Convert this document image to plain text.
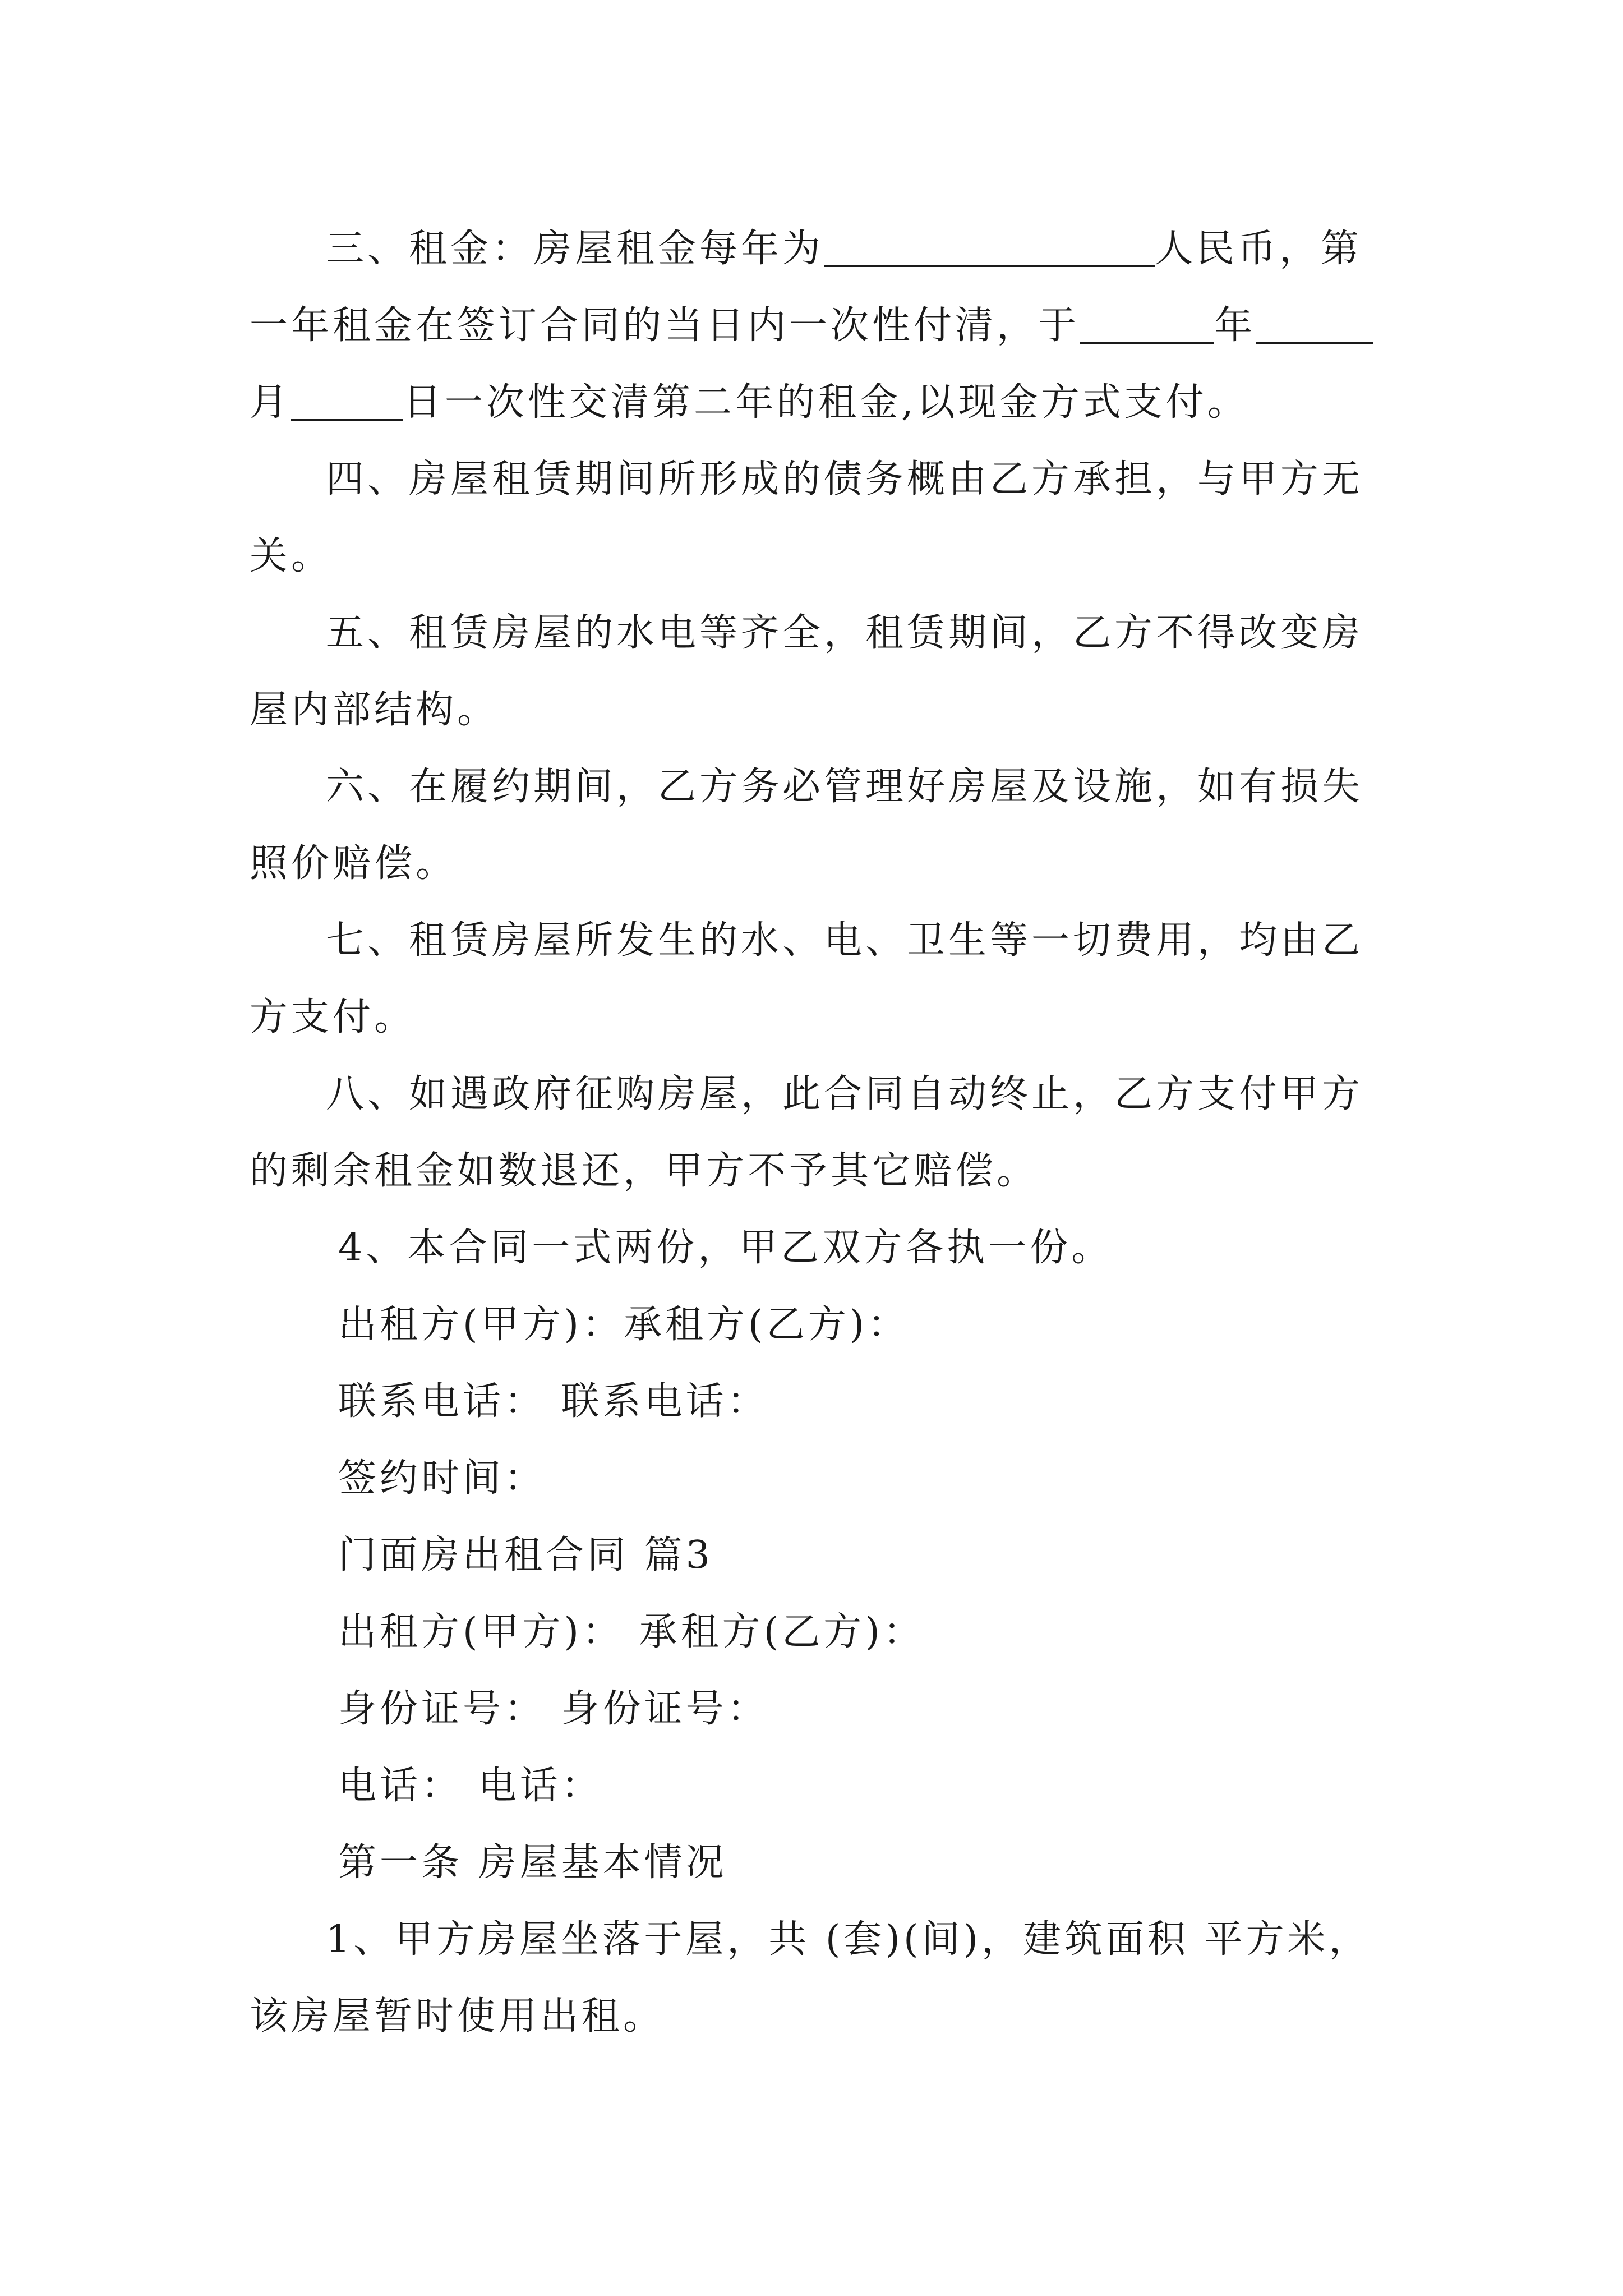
三、租金：房屋租金每年为	人民币，第一年租金在签订合同的当日内一次性付清，于	年月	日一次性交清第二年的租金,以现金方式支付。

四、房屋租赁期间所形成的债务概由乙方承担，与甲方无关。

五、租赁房屋的水电等齐全，租赁期间，乙方不得改变房屋内部结构。

六、在履约期间，乙方务必管理好房屋及设施，如有损失照价赔偿。

七、租赁房屋所发生的水、电、卫生等一切费用，均由乙方支付。

八、如遇政府征购房屋，此合同自动终止，乙方支付甲方的剩余租金如数退还，甲方不予其它赔偿。

4、本合同一式两份，甲乙双方各执一份。

出租方(甲方)：承租方(乙方)：

联系电话： 联系电话：

签约时间：

门面房出租合同 篇3

出租方(甲方)： 承租方(乙方)：

身份证号： 身份证号：

电话： 电话：

第一条 房屋基本情况

1、甲方房屋坐落于屋，共 (套)(间)，建筑面积 平方米，该房屋暂时使用出租。
